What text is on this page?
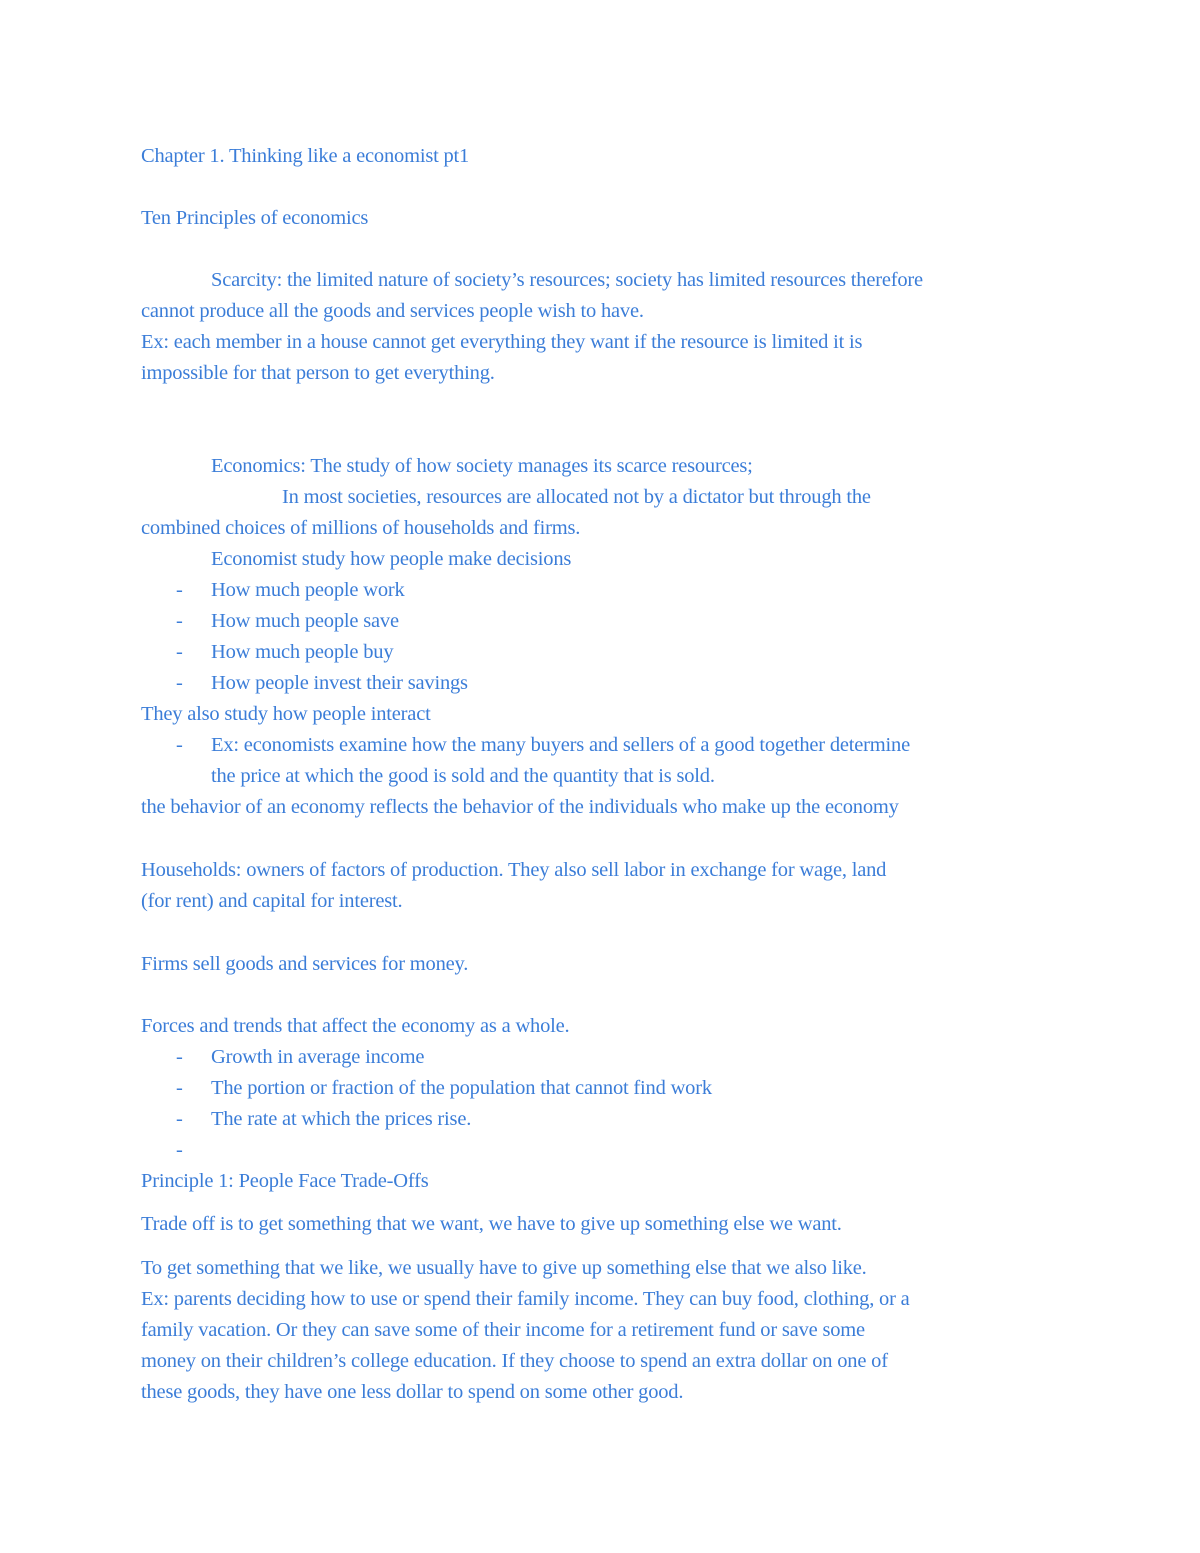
Chapter 1. Thinking like a economist pt1
Ten Principles of economics
Scarcity: the limited nature of society’s resources; society has limited resources therefore
cannot produce all the goods and services people wish to have.
Ex: each member in a house cannot get everything they want if the resource is limited it is
impossible for that person to get everything.
Economics: The study of how society manages its scarce resources;
In most societies, resources are allocated not by a dictator but through the
combined choices of millions of households and firms.
Economist study how people make decisions
- How much people work
- How much people save
- How much people buy
- How people invest their savings
They also study how people interact
- Ex: economists examine how the many buyers and sellers of a good together determine
the price at which the good is sold and the quantity that is sold.
the behavior of an economy reflects the behavior of the individuals who make up the economy
Households: owners of factors of production. They also sell labor in exchange for wage, land
(for rent) and capital for interest.
Firms sell goods and services for money.
Forces and trends that affect the economy as a whole.
- Growth in average income
- The portion or fraction of the population that cannot find work
- The rate at which the prices rise.
-
Principle 1: People Face Trade-Offs
Trade off is to get something that we want, we have to give up something else we want.
To get something that we like, we usually have to give up something else that we also like.
Ex: parents deciding how to use or spend their family income. They can buy food, clothing, or a
family vacation. Or they can save some of their income for a retirement fund or save some
money on their children’s college education. If they choose to spend an extra dollar on one of
these goods, they have one less dollar to spend on some other good.
